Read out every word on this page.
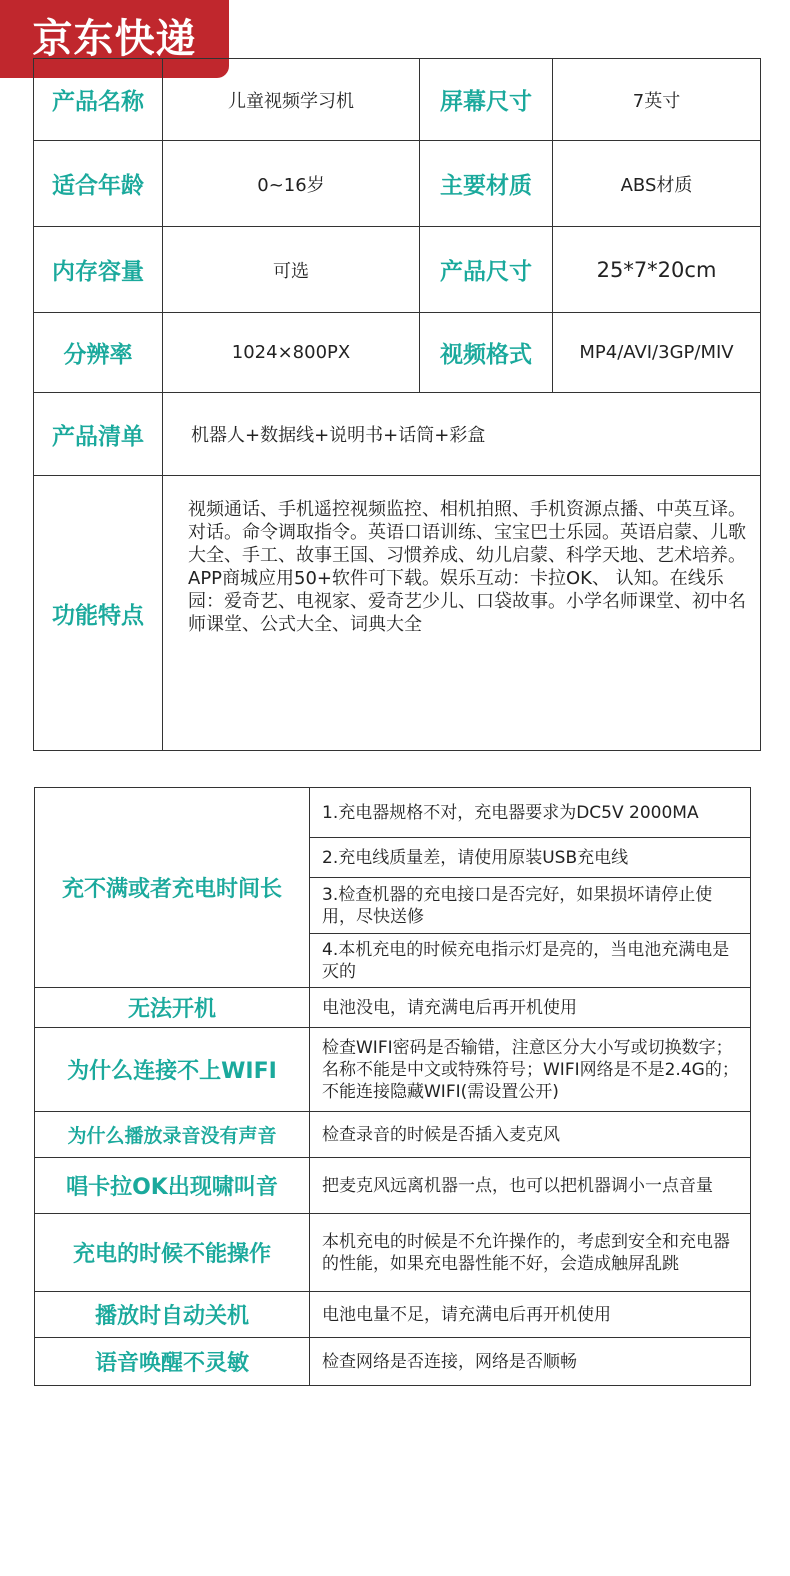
京东快递
产品名称	儿童视频学习机	屏幕尺寸	7英寸
适合年龄	0~16岁	主要材质	ABS材质
内存容量	可选	产品尺寸	25*7*20cm
分辨率	1024×800PX	视频格式	MP4/AVI/3GP/MIV
产品清单	机器人+数据线+说明书+话筒+彩盒		
功能特点	视频通话、手机遥控视频监控、相机拍照、手机资源点播、中英互译。
对话。命令调取指令。英语口语训练、宝宝巴士乐园。英语启蒙、儿歌大全、手工、故事王国、习惯养成、幼儿启蒙、科学天地、艺术培养。APP商城应用50+软件可下载。娱乐互动：卡拉OK、 认知。在线乐园：爱奇艺、电视家、爱奇艺少儿、口袋故事。小学名师课堂、初中名师课堂、公式大全、词典大全		
充不满或者充电时间长	1.充电器规格不对，充电器要求为DC5V 2000MA
	2.充电线质量差，请使用原装USB充电线
	3.检查机器的充电接口是否完好，如果损坏请停止使用，尽快送修
	4.本机充电的时候充电指示灯是亮的，当电池充满电是灭的
无法开机	电池没电，请充满电后再开机使用
为什么连接不上WIFI	检查WIFI密码是否输错，注意区分大小写或切换数字；名称不能是中文或特殊符号；WIFI网络是不是2.4G的；不能连接隐藏WIFI(需设置公开)
为什么播放录音没有声音	检查录音的时候是否插入麦克风
唱卡拉OK出现啸叫音	把麦克风远离机器一点，也可以把机器调小一点音量
充电的时候不能操作	本机充电的时候是不允许操作的，考虑到安全和充电器的性能，如果充电器性能不好，会造成触屏乱跳
播放时自动关机	电池电量不足，请充满电后再开机使用
语音唤醒不灵敏	检查网络是否连接，网络是否顺畅
